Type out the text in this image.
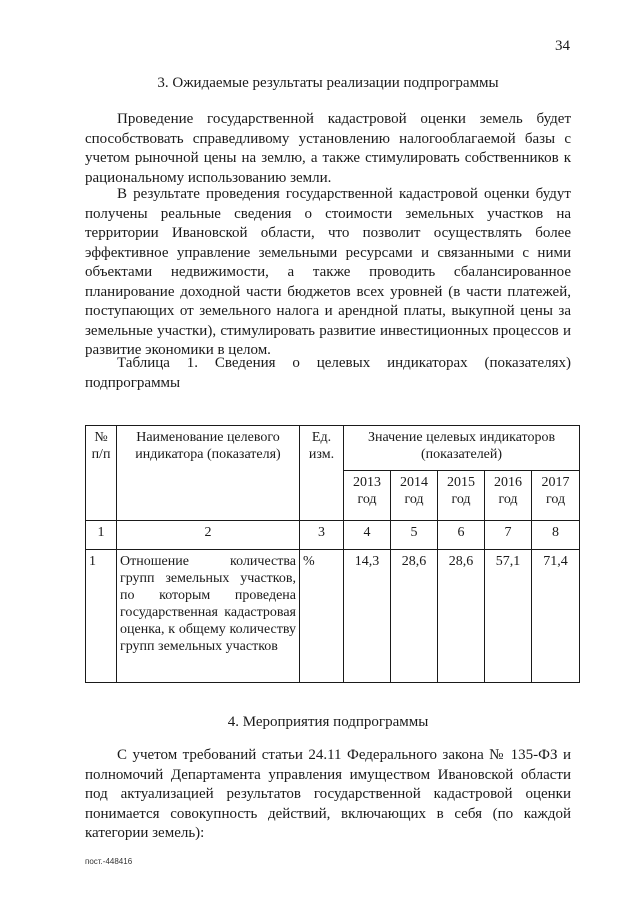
34
3. Ожидаемые результаты реализации подпрограммы

Проведение государственной кадастровой оценки земель будет способствовать справедливому установлению налогооблагаемой базы с учетом рыночной цены на землю, а также стимулировать собственников к рациональному использованию земли.

В результате проведения государственной кадастровой оценки будут получены реальные сведения о стоимости земельных участков на территории Ивановской области, что позволит осуществлять более эффективное управление земельными ресурсами и связанными с ними объектами недвижимости, а также проводить сбалансированное планирование доходной части бюджетов всех уровней (в части платежей, поступающих от земельного налога и арендной платы, выкупной цены за земельные участки), стимулировать развитие инвестиционных процессов и развитие экономики в целом.

Таблица 1. Сведения о целевых индикаторах (показателях) подпрограммы

№ п/п	Наименование целевого индикатора (показателя)	Ед. изм.	Значение целевых индикаторов (показателей)				
			2013 год	2014 год	2015 год	2016 год	2017 год
1	2	3	4	5	6	7	8
1	Отношение количества групп земельных участков, по которым проведена государственная кадастровая оценка, к общему количеству групп земельных участков	%	14,3	28,6	28,6	57,1	71,4
4. Мероприятия подпрограммы

С учетом требований статьи 24.11 Федерального закона № 135-ФЗ и полномочий Департамента управления имуществом Ивановской области под актуализацией результатов государственной кадастровой оценки понимается совокупность действий, включающих в себя (по каждой категории земель):

пост.-448416
